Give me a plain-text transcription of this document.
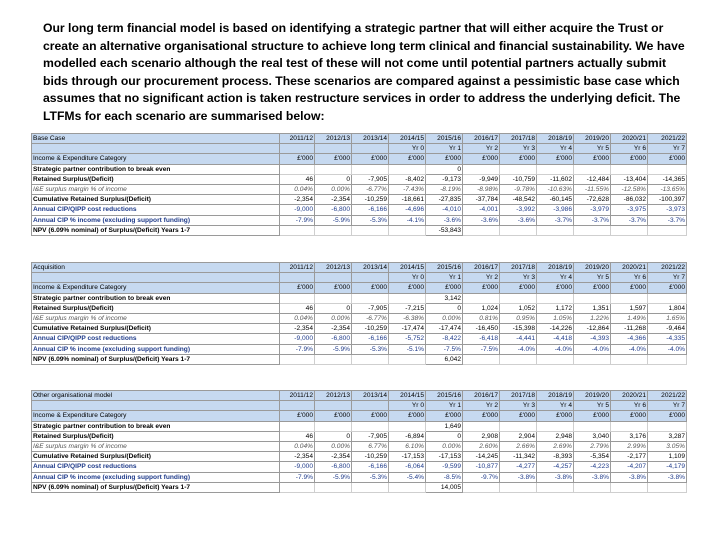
Our long term financial model is based on identifying a strategic partner that will either acquire the Trust or create an alternative organisational structure to achieve long term clinical and financial sustainability. We have modelled each scenario although the real test of these will not come until potential partners actually submit bids through our procurement process. These scenarios are compared against a pessimistic base case which assumes that no significant action is taken restructure services in order to address the underlying deficit. The LTFMs for each scenario are summarised below:

Base Case	2011/12	2012/13	2013/14	2014/15	2015/16	2016/17	2017/18	2018/19	2019/20	2020/21	2021/22
				Yr 0	Yr 1	Yr 2	Yr 3	Yr 4	Yr 5	Yr 6	Yr 7
Income & Expenditure Category	£'000	£'000	£'000	£'000	£'000	£'000	£'000	£'000	£'000	£'000	£'000
Strategic partner contribution to break even					0						
Retained Surplus/(Deficit)	46	0	-7,905	-8,402	-9,173	-9,949	-10,759	-11,602	-12,484	-13,404	-14,365
I&E surplus margin % of income	0.04%	0.00%	-6.77%	-7.43%	-8.19%	-8.98%	-9.78%	-10.63%	-11.55%	-12.58%	-13.65%
Cumulative Retained Surplus/(Deficit)	-2,354	-2,354	-10,259	-18,661	-27,835	-37,784	-48,542	-60,145	-72,628	-86,032	-100,397
Annual CIP/QIPP cost reductions	-9,000	-6,800	-6,166	-4,696	-4,010	-4,001	-3,992	-3,986	-3,979	-3,975	-3,973
Annual CIP % income (excluding support funding)	-7.9%	-5.9%	-5.3%	-4.1%	-3.6%	-3.6%	-3.6%	-3.7%	-3.7%	-3.7%	-3.7%
NPV (6.09% nominal) of Surplus/(Deficit) Years 1-7					-53,843						
Acquisition	2011/12	2012/13	2013/14	2014/15	2015/16	2016/17	2017/18	2018/19	2019/20	2020/21	2021/22
				Yr 0	Yr 1	Yr 2	Yr 3	Yr 4	Yr 5	Yr 6	Yr 7
Income & Expenditure Category	£'000	£'000	£'000	£'000	£'000	£'000	£'000	£'000	£'000	£'000	£'000
Strategic partner contribution to break even					3,142						
Retained Surplus/(Deficit)	46	0	-7,905	-7,215	0	1,024	1,052	1,172	1,351	1,597	1,804
I&E surplus margin % of income	0.04%	0.00%	-6.77%	-6.38%	0.00%	0.81%	0.95%	1.05%	1.22%	1.49%	1.65%
Cumulative Retained Surplus/(Deficit)	-2,354	-2,354	-10,259	-17,474	-17,474	-16,450	-15,398	-14,226	-12,864	-11,268	-9,464
Annual CIP/QIPP cost reductions	-9,000	-6,800	-6,166	-5,752	-8,422	-6,418	-4,441	-4,418	-4,393	-4,366	-4,335
Annual CIP % income (excluding support funding)	-7.9%	-5.9%	-5.3%	-5.1%	-7.5%	-7.5%	-4.0%	-4.0%	-4.0%	-4.0%	-4.0%
NPV (6.09% nominal) of Surplus/(Deficit) Years 1-7					6,042						
Other organisational model	2011/12	2012/13	2013/14	2014/15	2015/16	2016/17	2017/18	2018/19	2019/20	2020/21	2021/22
				Yr 0	Yr 1	Yr 2	Yr 3	Yr 4	Yr 5	Yr 6	Yr 7
Income & Expenditure Category	£'000	£'000	£'000	£'000	£'000	£'000	£'000	£'000	£'000	£'000	£'000
Strategic partner contribution to break even					1,649						
Retained Surplus/(Deficit)	46	0	-7,905	-6,894	0	2,908	2,904	2,948	3,040	3,176	3,287
I&E surplus margin % of income	0.04%	0.00%	6.77%	6.10%	0.00%	2.60%	2.66%	2.69%	2.79%	2.99%	3.05%
Cumulative Retained Surplus/(Deficit)	-2,354	-2,354	-10,259	-17,153	-17,153	-14,245	-11,342	-8,393	-5,354	-2,177	1,109
Annual CIP/QIPP cost reductions	-9,000	-6,800	-6,166	-6,064	-9,599	-10,877	-4,277	-4,257	-4,223	-4,207	-4,179
Annual CIP % income (excluding support funding)	-7.9%	-5.9%	-5.3%	-5.4%	-8.5%	-9.7%	-3.8%	-3.8%	-3.8%	-3.8%	-3.8%
NPV (6.09% nominal) of Surplus/(Deficit) Years 1-7					14,005						
